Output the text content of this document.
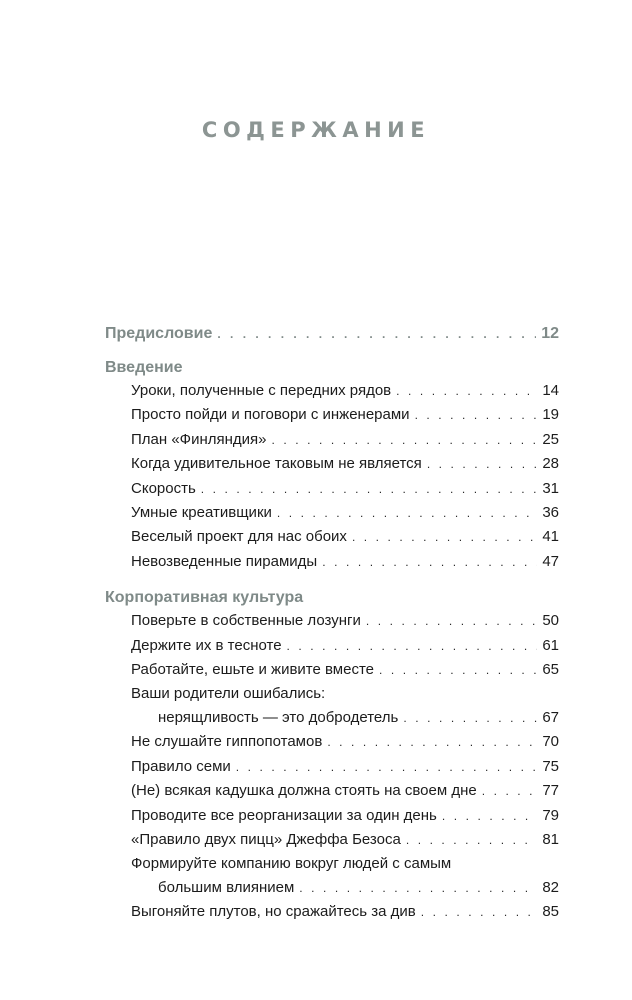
СОДЕРЖАНИЕ
Предисловие . . .	12
Введение
Уроки, полученные с передних рядов . . .	14
Просто пойди и поговори с инженерами . . .	19
План «Финляндия» . . .	25
Когда удивительное таковым не является . . .	28
Скорость . . .	31
Умные креативщики . . .	36
Веселый проект для нас обоих . . .	41
Невозведенные пирамиды . . .	47
Корпоративная культура
Поверьте в собственные лозунги . . .	50
Держите их в тесноте . . .	61
Работайте, ешьте и живите вместе . . .	65
Ваши родители ошибались:
нерящливость — это добродетель . . .	67
Не слушайте гиппопотамов . . .	70
Правило семи . . .	75
(Не) всякая кадушка должна стоять на своем дне . . .	77
Проводите все реорганизации за один день . . .	79
«Правило двух пицц» Джеффа Безоса . . .	81
Формируйте компанию вокруг людей с самым
большим влиянием . . .	82
Выгоняйте плутов, но сражайтесь за див . . .	85
